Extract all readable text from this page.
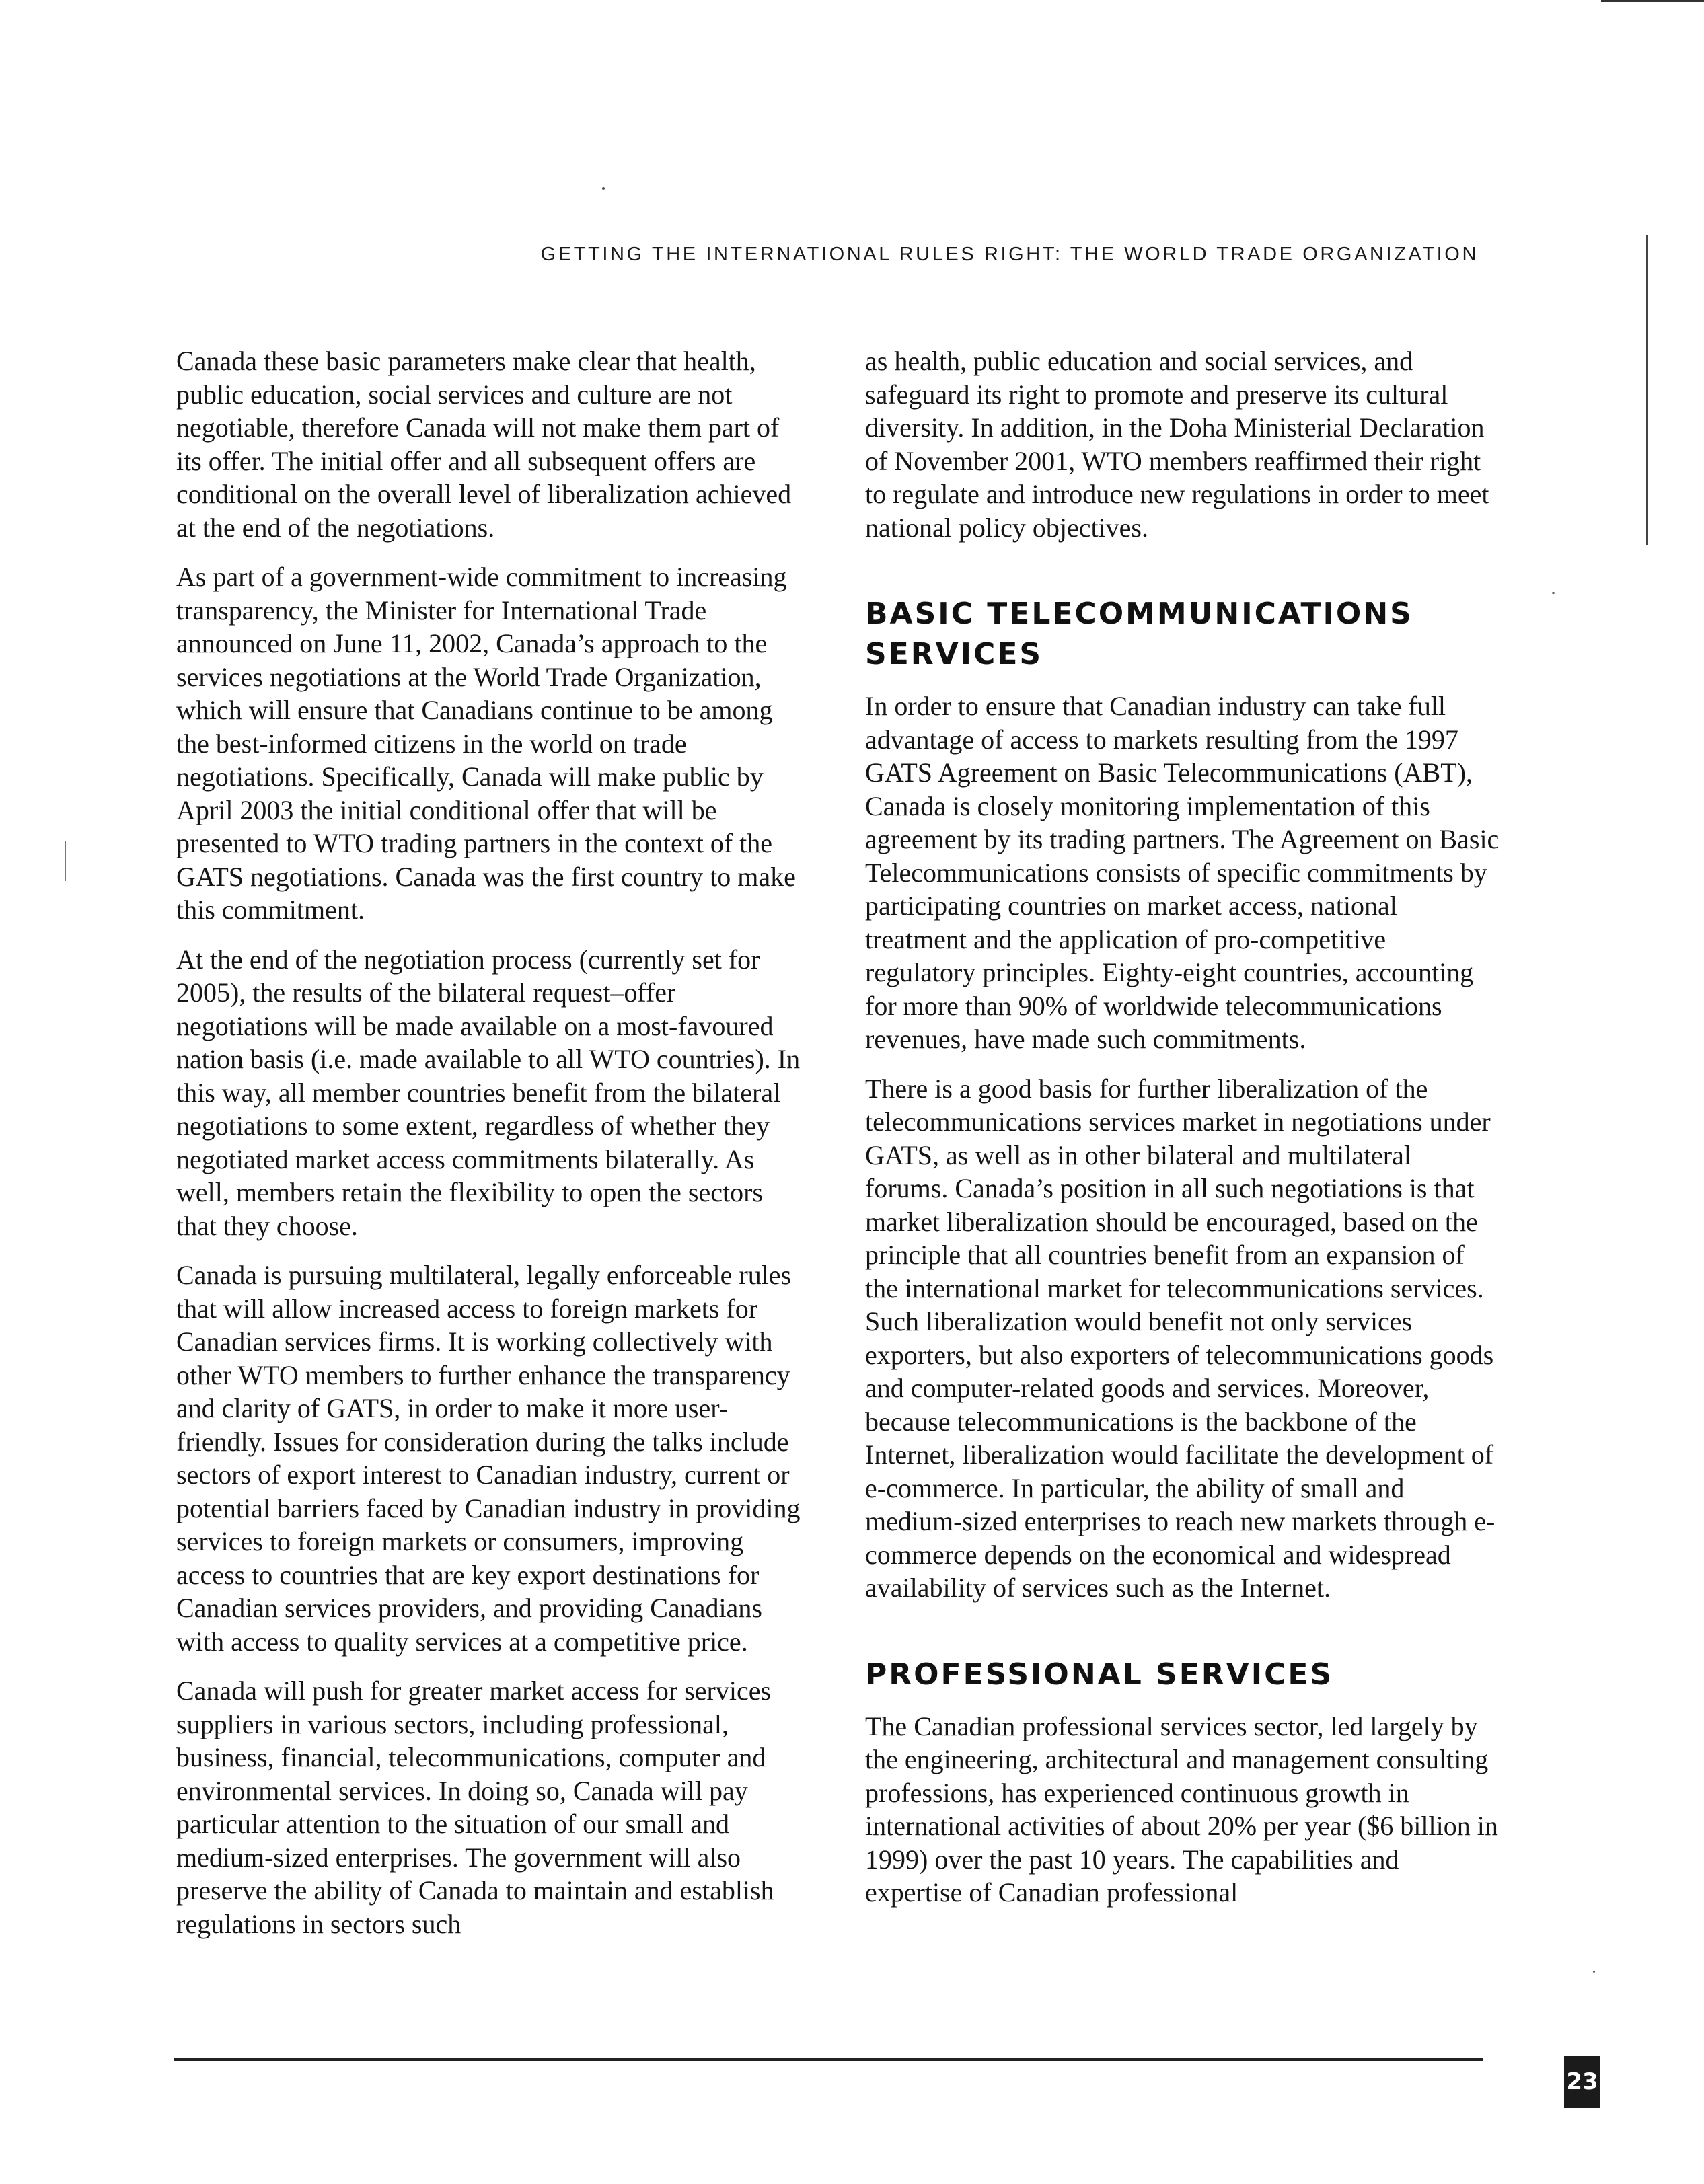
GETTING THE INTERNATIONAL RULES RIGHT: THE WORLD TRADE ORGANIZATION

Canada these basic parameters make clear that health, public education, social services and culture are not negotiable, therefore Canada will not make them part of its offer. The initial offer and all subsequent offers are conditional on the overall level of liberalization achieved at the end of the negotiations.

As part of a government-wide commitment to increasing transparency, the Minister for International Trade announced on June 11, 2002, Canada’s approach to the services negotiations at the World Trade Organization, which will ensure that Canadians continue to be among the best-informed citizens in the world on trade negotiations. Specifically, Canada will make public by April 2003 the initial conditional offer that will be presented to WTO trading partners in the context of the GATS negotiations. Canada was the first country to make this commitment.

At the end of the negotiation process (currently set for 2005), the results of the bilateral request–offer negotiations will be made available on a most-favoured nation basis (i.e. made available to all WTO countries). In this way, all member countries benefit from the bilateral negotiations to some extent, regardless of whether they negotiated market access commitments bilaterally. As well, members retain the flexibility to open the sectors that they choose.

Canada is pursuing multilateral, legally enforceable rules that will allow increased access to foreign markets for Canadian services firms. It is working collectively with other WTO members to further enhance the transparency and clarity of GATS, in order to make it more user-friendly. Issues for consideration during the talks include sectors of export interest to Canadian industry, current or potential barriers faced by Canadian industry in providing services to foreign markets or consumers, improving access to countries that are key export destinations for Canadian services providers, and providing Canadians with access to quality services at a competitive price.

Canada will push for greater market access for services suppliers in various sectors, including professional, business, financial, telecommunications, computer and environmental services. In doing so, Canada will pay particular attention to the situation of our small and medium-sized enterprises. The government will also preserve the ability of Canada to maintain and establish regulations in sectors such

as health, public education and social services, and safeguard its right to promote and preserve its cultural diversity. In addition, in the Doha Ministerial Declaration of November 2001, WTO members reaffirmed their right to regulate and introduce new regulations in order to meet national policy objectives.

BASIC TELECOMMUNICATIONS SERVICES

In order to ensure that Canadian industry can take full advantage of access to markets resulting from the 1997 GATS Agreement on Basic Telecommunications (ABT), Canada is closely monitoring implementation of this agreement by its trading partners. The Agreement on Basic Telecommunications consists of specific commitments by participating countries on market access, national treatment and the application of pro-competitive regulatory principles. Eighty-eight countries, accounting for more than 90% of worldwide telecommunications revenues, have made such commitments.

There is a good basis for further liberalization of the telecommunications services market in negotiations under GATS, as well as in other bilateral and multilateral forums. Canada’s position in all such negotiations is that market liberalization should be encouraged, based on the principle that all countries benefit from an expansion of the international market for telecommunications services. Such liberalization would benefit not only services exporters, but also exporters of telecommunications goods and computer-related goods and services. Moreover, because telecommunications is the backbone of the Internet, liberalization would facilitate the development of e-commerce. In particular, the ability of small and medium-sized enterprises to reach new markets through e-commerce depends on the economical and widespread availability of services such as the Internet.

PROFESSIONAL SERVICES

The Canadian professional services sector, led largely by the engineering, architectural and management consulting professions, has experienced continuous growth in international activities of about 20% per year ($6 billion in 1999) over the past 10 years. The capabilities and expertise of Canadian professional

23
